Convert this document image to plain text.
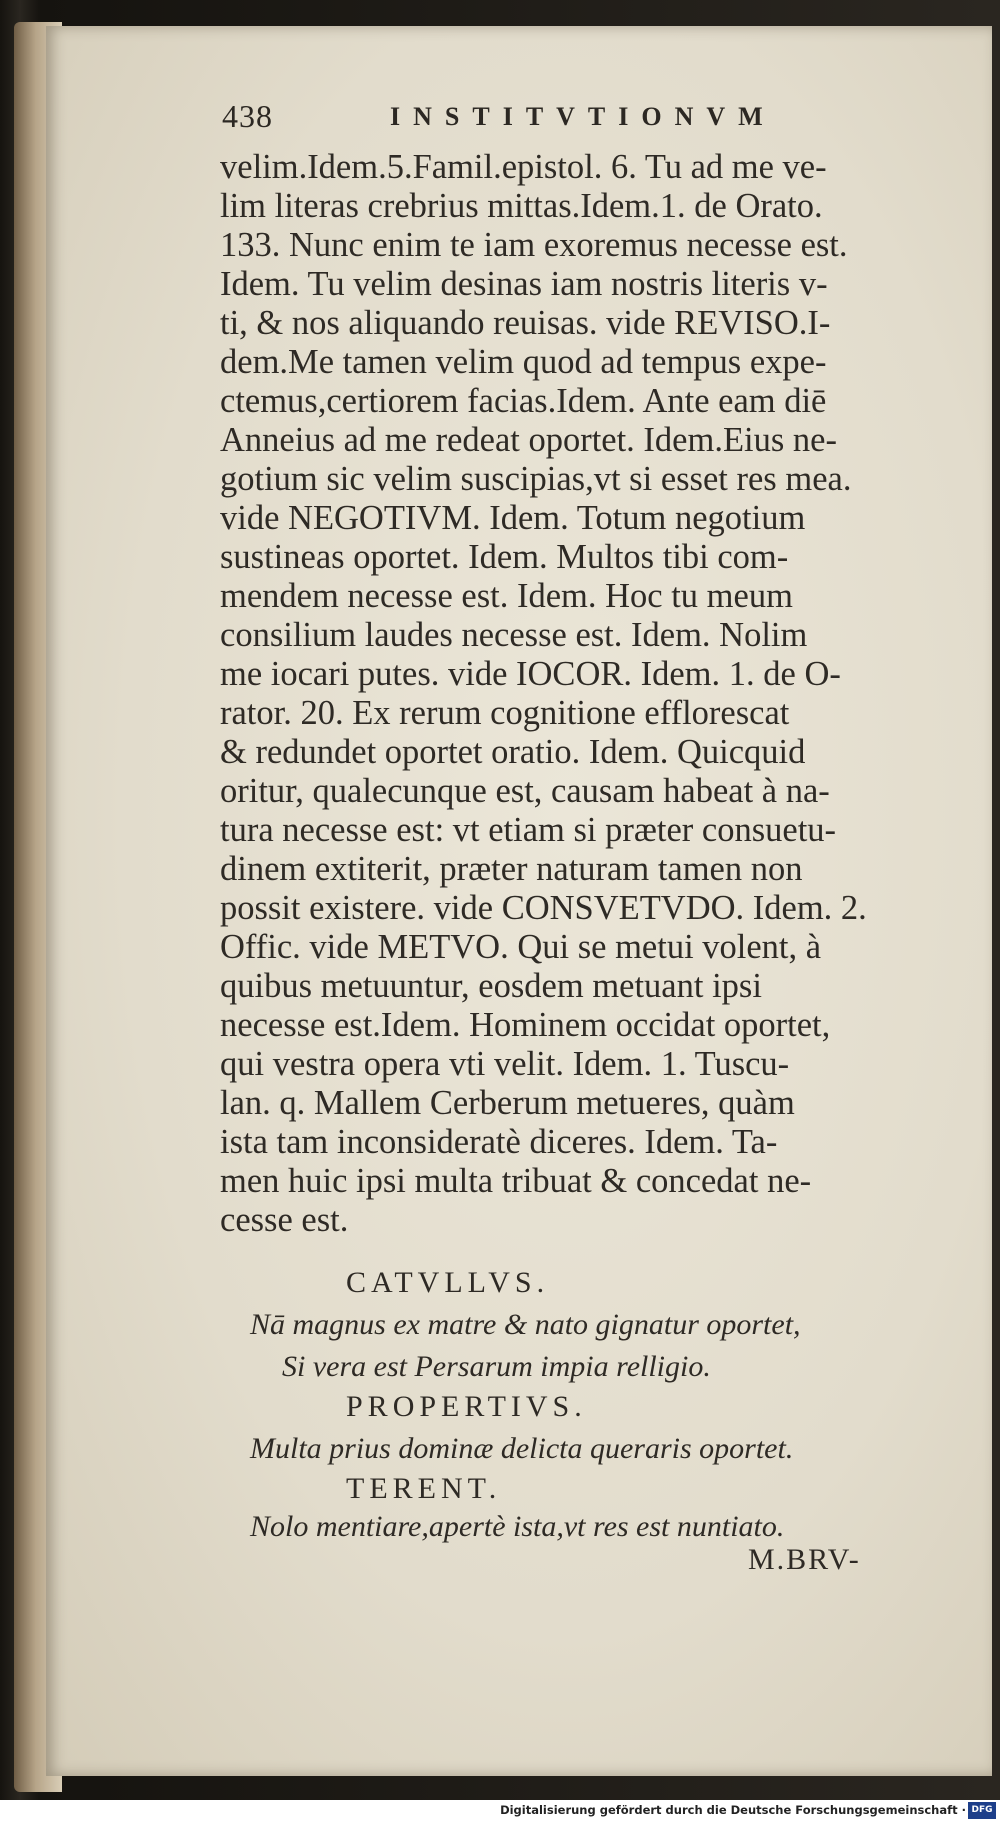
438	INSTITVTIONVM
velim.Idem.5.Famil.epistol. 6. Tu ad me ve-
lim literas crebrius mittas.Idem.1. de Orato.
133. Nunc enim te iam exoremus necesse est.
Idem. Tu velim desinas iam nostris literis v-
ti, & nos aliquando reuisas. vide REVISO.I-
dem.Me tamen velim quod ad tempus expe-
ctemus,certiorem facias.Idem. Ante eam diē
Anneius ad me redeat oportet. Idem.Eius ne-
gotium sic velim suscipias,vt si esset res mea.
vide NEGOTIVM. Idem. Totum negotium
sustineas oportet. Idem. Multos tibi com-
mendem necesse est. Idem. Hoc tu meum
consilium laudes necesse est. Idem. Nolim
me iocari putes. vide IOCOR. Idem. 1. de O-
rator. 20. Ex rerum cognitione efflorescat
& redundet oportet oratio. Idem. Quicquid
oritur, qualecunque est, causam habeat à na-
tura necesse est: vt etiam si præter consuetu-
dinem extiterit, præter naturam tamen non
possit existere. vide CONSVETVDO. Idem. 2.
Offic. vide METVO. Qui se metui volent, à
quibus metuuntur, eosdem metuant ipsi
necesse est.Idem. Hominem occidat oportet,
qui vestra opera vti velit. Idem. 1. Tuscu-
lan. q. Mallem Cerberum metueres, quàm
ista tam inconsideratè diceres. Idem. Ta-
men huic ipsi multa tribuat & concedat ne-
cesse est.
CATVLLVS.
Nā magnus ex matre & nato gignatur oportet,
Si vera est Persarum impia relligio.
PROPERTIVS.
Multa prius dominæ delicta queraris oportet.
TERENT.
Nolo mentiare,apertè ista,vt res est nuntiato.
M.BRV-
Digitalisierung gefördert durch die Deutsche Forschungsgemeinschaft · DFG
